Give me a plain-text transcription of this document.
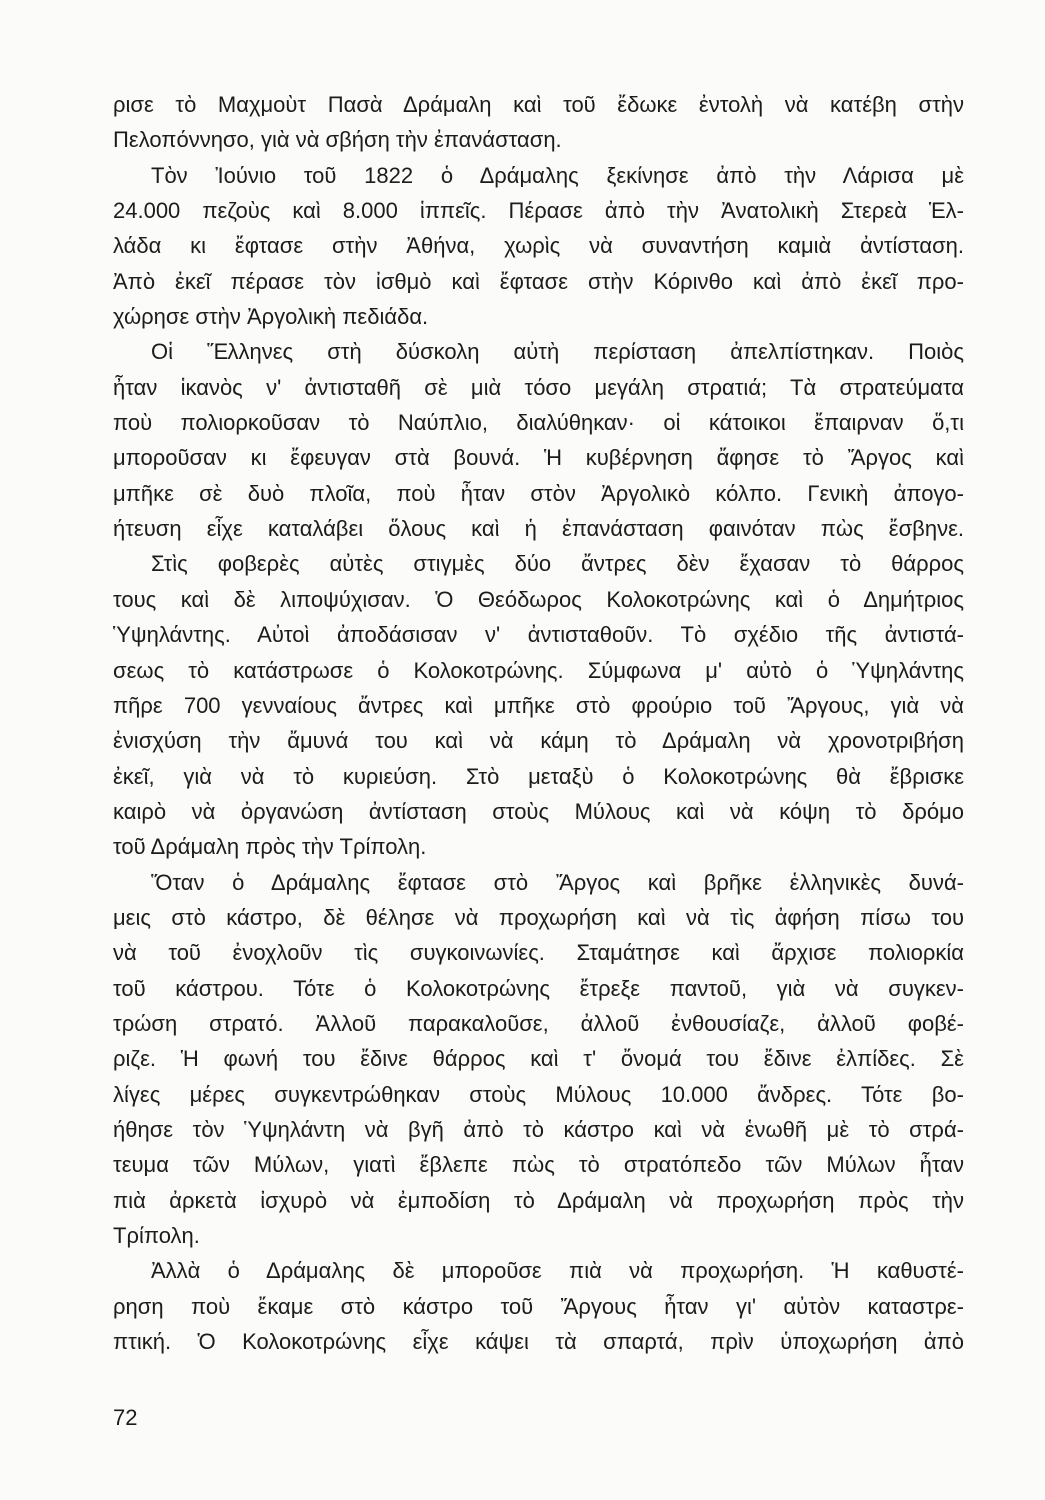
ρισε τὸ Μαχμοὺτ Πασὰ Δράμαλη καὶ τοῦ ἔδωκε ἐντολὴ νὰ κατέβη στὴν
Πελοπόννησο, γιὰ νὰ σβήση τὴν ἐπανάσταση.
Τὸν Ἰούνιο τοῦ 1822 ὁ Δράμαλης ξεκίνησε ἀπὸ τὴν Λάρισα μὲ
24.000 πεζοὺς καὶ 8.000 ἱππεῖς. Πέρασε ἀπὸ τὴν Ἀνατολικὴ Στερεὰ Ἑλ-
λάδα κι ἔφτασε στὴν Ἀθήνα, χωρὶς νὰ συναντήση καμιὰ ἀντίσταση.
Ἀπὸ ἐκεῖ πέρασε τὸν ἰσθμὸ καὶ ἔφτασε στὴν Κόρινθο καὶ ἀπὸ ἐκεῖ προ-
χώρησε στὴν Ἀργολικὴ πεδιάδα.
Οἱ Ἕλληνες στὴ δύσκολη αὐτὴ περίσταση ἀπελπίστηκαν. Ποιὸς
ἦταν ἱκανὸς ν' ἀντισταθῆ σὲ μιὰ τόσο μεγάλη στρατιά; Τὰ στρατεύματα
ποὺ πολιορκοῦσαν τὸ Ναύπλιο, διαλύθηκαν· οἱ κάτοικοι ἔπαιρναν ὅ,τι
μποροῦσαν κι ἔφευγαν στὰ βουνά. Ἡ κυβέρνηση ἄφησε τὸ Ἄργος καὶ
μπῆκε σὲ δυὸ πλοῖα, ποὺ ἦταν στὸν Ἀργολικὸ κόλπο. Γενικὴ ἀπογο-
ήτευση εἶχε καταλάβει ὅλους καὶ ἡ ἐπανάσταση φαινόταν πὼς ἔσβηνε.
Στὶς φοβερὲς αὐτὲς στιγμὲς δύο ἄντρες δὲν ἔχασαν τὸ θάρρος
τους καὶ δὲ λιποψύχισαν. Ὁ Θεόδωρος Κολοκοτρώνης καὶ ὁ Δημήτριος
Ὑψηλάντης. Αὐτοὶ ἀποδάσισαν ν' ἀντισταθοῦν. Τὸ σχέδιο τῆς ἀντιστά-
σεως τὸ κατάστρωσε ὁ Κολοκοτρώνης. Σύμφωνα μ' αὐτὸ ὁ Ὑψηλάντης
πῆρε 700 γενναίους ἄντρες καὶ μπῆκε στὸ φρούριο τοῦ Ἄργους, γιὰ νὰ
ἐνισχύση τὴν ἄμυνά του καὶ νὰ κάμη τὸ Δράμαλη νὰ χρονοτριβήση
ἐκεῖ, γιὰ νὰ τὸ κυριεύση. Στὸ μεταξὺ ὁ Κολοκοτρώνης θὰ ἔβρισκε
καιρὸ νὰ ὀργανώση ἀντίσταση στοὺς Μύλους καὶ νὰ κόψη τὸ δρόμο
τοῦ Δράμαλη πρὸς τὴν Τρίπολη.
Ὅταν ὁ Δράμαλης ἔφτασε στὸ Ἄργος καὶ βρῆκε ἑλληνικὲς δυνά-
μεις στὸ κάστρο, δὲ θέλησε νὰ προχωρήση καὶ νὰ τὶς ἀφήση πίσω του
νὰ τοῦ ἐνοχλοῦν τὶς συγκοινωνίες. Σταμάτησε καὶ ἄρχισε πολιορκία
τοῦ κάστρου. Τότε ὁ Κολοκοτρώνης ἔτρεξε παντοῦ, γιὰ νὰ συγκεν-
τρώση στρατό. Ἀλλοῦ παρακαλοῦσε, ἀλλοῦ ἐνθουσίαζε, ἀλλοῦ φοβέ-
ριζε. Ἡ φωνή του ἔδινε θάρρος καὶ τ' ὄνομά του ἔδινε ἐλπίδες. Σὲ
λίγες μέρες συγκεντρώθηκαν στοὺς Μύλους 10.000 ἄνδρες. Τότε βο-
ήθησε τὸν Ὑψηλάντη νὰ βγῆ ἀπὸ τὸ κάστρο καὶ νὰ ἑνωθῆ μὲ τὸ στρά-
τευμα τῶν Μύλων, γιατὶ ἔβλεπε πὼς τὸ στρατόπεδο τῶν Μύλων ἦταν
πιὰ ἀρκετὰ ἰσχυρὸ νὰ ἐμποδίση τὸ Δράμαλη νὰ προχωρήση πρὸς τὴν
Τρίπολη.
Ἀλλὰ ὁ Δράμαλης δὲ μποροῦσε πιὰ νὰ προχωρήση. Ἡ καθυστέ-
ρηση ποὺ ἔκαμε στὸ κάστρο τοῦ Ἄργους ἦταν γι' αὐτὸν καταστρε-
πτική. Ὁ Κολοκοτρώνης εἶχε κάψει τὰ σπαρτά, πρὶν ὑποχωρήση ἀπὸ
72
